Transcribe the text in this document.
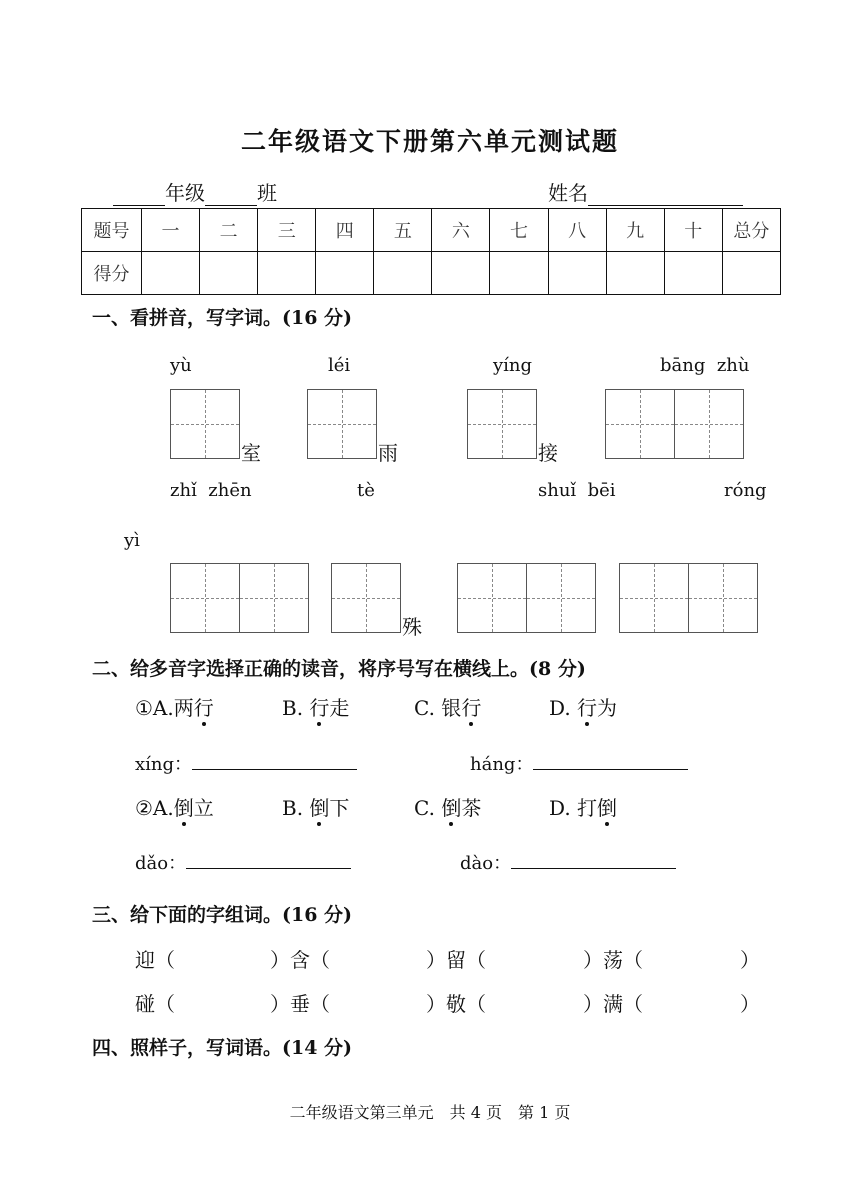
二年级语文下册第六单元测试题
年级	班	姓名
题号	一	二	三	四	五	六	七	八	九	十	总分
得分											
一、看拼音，写字词。(16 分)
yù	léi	yíng	bāng  zhù
室	雨	接
zhǐ  zhēn	tè	shuǐ  bēi	róng
yì
殊
二、给多音字选择正确的读音，将序号写在横线上。(8 分)
①A.两行	B. 行走	C. 银行	D. 行为
xíng：	háng：
②A.倒立	B. 倒下	C. 倒茶	D. 打倒
dǎo：	dào：
三、给下面的字组词。(16 分)
迎（	）含（	）留（	）荡（	）
碰（	）垂（	）敬（	）满（	）
四、照样子，写词语。(14 分)
二年级语文第三单元　共 4 页　第 1 页
